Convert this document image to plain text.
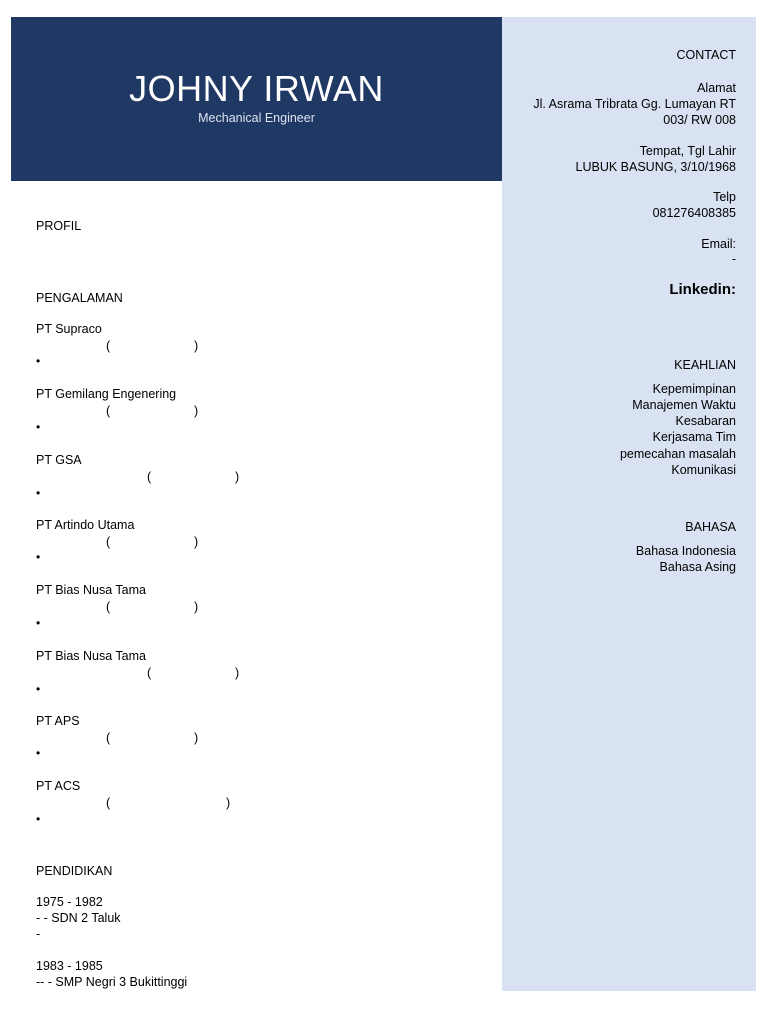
JOHNY IRWAN
Mechanical Engineer
CONTACT
Alamat
Jl. Asrama Tribrata Gg. Lumayan RT
003/ RW 008
Tempat, Tgl Lahir
LUBUK BASUNG, 3/10/1968
Telp
081276408385
Email:
-
Linkedin:
KEAHLIAN
Kepemimpinan
Manajemen Waktu
Kesabaran
Kerjasama Tim
pemecahan masalah
Komunikasi
BAHASA
Bahasa Indonesia
Bahasa Asing
PROFIL
PENGALAMAN
PT Supraco
(	)
•
PT Gemilang Engenering
(	)
•
PT GSA
(	)
•
PT Artindo Utama
(	)
•
PT Bias Nusa Tama
(	)
•
PT Bias Nusa Tama
(	)
•
PT APS
(	)
•
PT ACS
(	)
•
PENDIDIKAN
1975 - 1982
- - SDN 2 Taluk
-
1983 - 1985
-- - SMP Negri 3 Bukittinggi
